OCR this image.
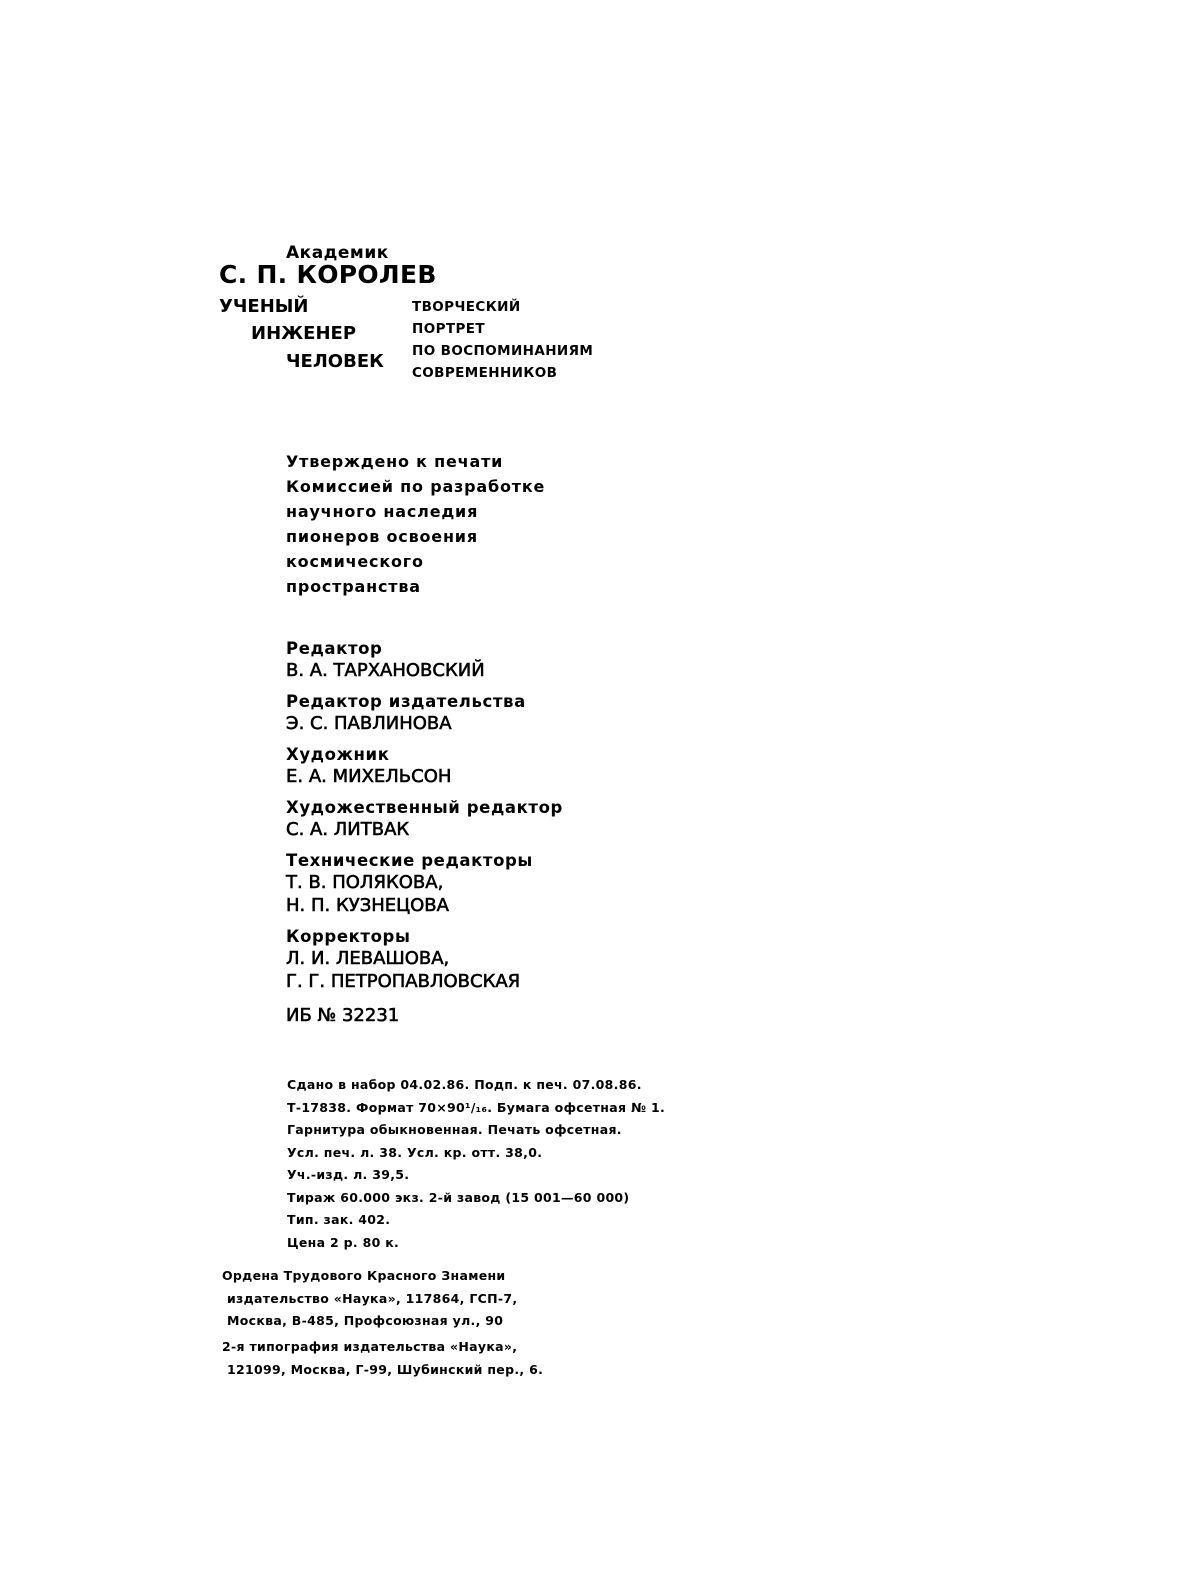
Академик
С. П. КОРОЛЕВ
УЧЕНЫЙ
ИНЖЕНЕР
ЧЕЛОВЕК
ТВОРЧЕСКИЙ
ПОРТРЕТ
ПО ВОСПОМИНАНИЯМ
СОВРЕМЕННИКОВ
Утверждено к печати
Комиссией по разработке
научного наследия
пионеров освоения
космического
пространства
Редактор
В. А. ТАРХАНОВСКИЙ
Редактор издательства
Э. С. ПАВЛИНОВА
Художник
Е. А. МИХЕЛЬСОН
Художественный редактор
С. А. ЛИТВАК
Технические редакторы
Т. В. ПОЛЯКОВА,
Н. П. КУЗНЕЦОВА
Корректоры
Л. И. ЛЕВАШОВА,
Г. Г. ПЕТРОПАВЛОВСКАЯ
ИБ № 32231
Сдано в набор 04.02.86. Подп. к печ. 07.08.86.
Т-17838. Формат 70×90¹/₁₆. Бумага офсетная № 1.
Гарнитура обыкновенная. Печать офсетная.
Усл. печ. л. 38. Усл. кр. отт. 38,0.
Уч.-изд. л. 39,5.
Тираж 60.000 экз. 2-й завод (15 001—60 000)
Тип. зак. 402.
Цена 2 р. 80 к.
Ордена Трудового Красного Знамени
издательство «Наука», 117864, ГСП-7,
Москва, В-485, Профсоюзная ул., 90
2-я типография издательства «Наука»,
121099, Москва, Г-99, Шубинский пер., 6.
